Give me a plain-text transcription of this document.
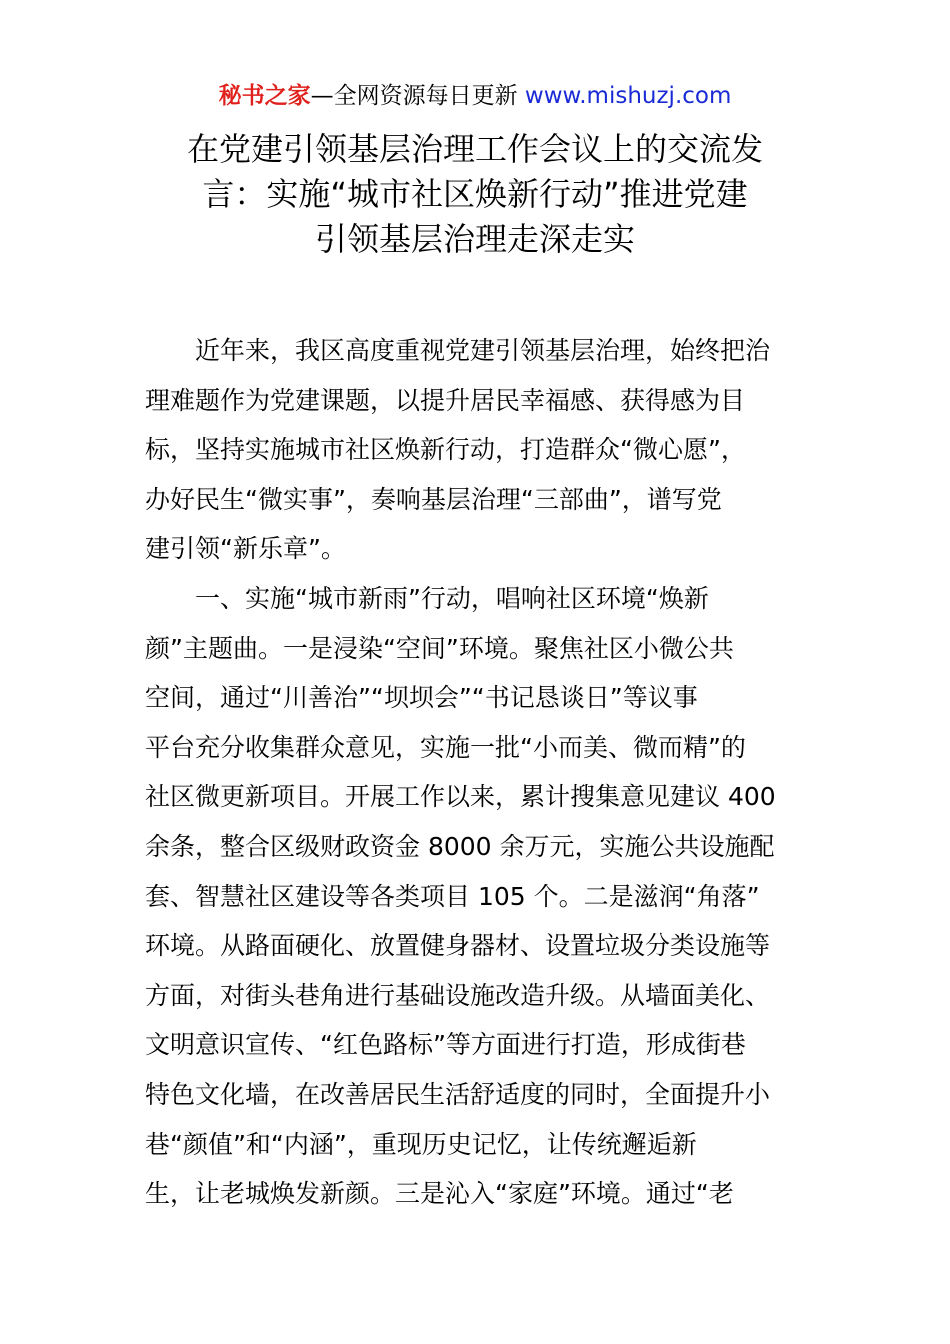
秘书之家—全网资源每日更新 www.mishuzj.com
在党建引领基层治理工作会议上的交流发
言：实施“城市社区焕新行动”推进党建
引领基层治理走深走实
近年来，我区高度重视党建引领基层治理，始终把治
理难题作为党建课题，以提升居民幸福感、获得感为目
标，坚持实施城市社区焕新行动，打造群众“微心愿”，
办好民生“微实事”，奏响基层治理“三部曲”，谱写党
建引领“新乐章”。
一、实施“城市新雨”行动，唱响社区环境“焕新
颜”主题曲。一是浸染“空间”环境。聚焦社区小微公共
空间，通过“川善治”“坝坝会”“书记恳谈日”等议事
平台充分收集群众意见，实施一批“小而美、微而精”的
社区微更新项目。开展工作以来，累计搜集意见建议 400
余条，整合区级财政资金 8000 余万元，实施公共设施配
套、智慧社区建设等各类项目 105 个。二是滋润“角落”
环境。从路面硬化、放置健身器材、设置垃圾分类设施等
方面，对街头巷角进行基础设施改造升级。从墙面美化、
文明意识宣传、“红色路标”等方面进行打造，形成街巷
特色文化墙，在改善居民生活舒适度的同时，全面提升小
巷“颜值”和“内涵”，重现历史记忆，让传统邂逅新
生，让老城焕发新颜。三是沁入“家庭”环境。通过“老
